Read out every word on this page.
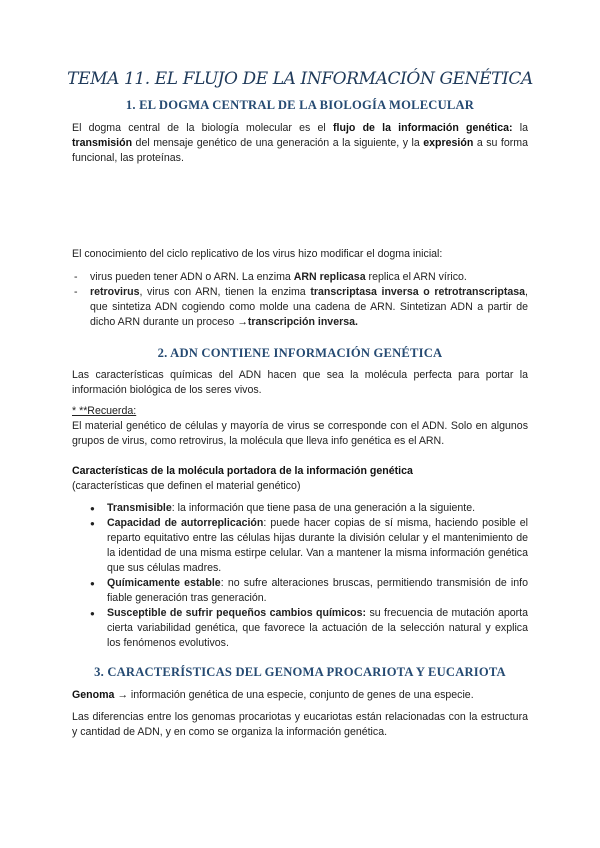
TEMA 11. EL FLUJO DE LA INFORMACIÓN GENÉTICA
1. EL DOGMA CENTRAL DE LA BIOLOGÍA MOLECULAR

El dogma central de la biología molecular es el flujo de la información genética: la transmisión del mensaje genético de una generación a la siguiente, y la expresión a su forma funcional, las proteínas.

El conocimiento del ciclo replicativo de los virus hizo modificar el dogma inicial:

- virus pueden tener ADN o ARN. La enzima ARN replicasa replica el ARN vírico.
- retrovirus, virus con ARN, tienen la enzima transcriptasa inversa o retrotranscriptasa, que sintetiza ADN cogiendo como molde una cadena de ARN. Sintetizan ADN a partir de dicho ARN durante un proceso →transcripción inversa.
2. ADN CONTIENE INFORMACIÓN GENÉTICA

Las características químicas del ADN hacen que sea la molécula perfecta para portar la información biológica de los seres vivos.

* **Recuerda:

El material genético de células y mayoría de virus se corresponde con el ADN. Solo en algunos grupos de virus, como retrovirus, la molécula que lleva info genética es el ARN.

Características de la molécula portadora de la información genética

(características que definen el material genético)

● Transmisible: la información que tiene pasa de una generación a la siguiente.
● Capacidad de autorreplicación: puede hacer copias de sí misma, haciendo posible el reparto equitativo entre las células hijas durante la división celular y el mantenimiento de la identidad de una misma estirpe celular. Van a mantener la misma información genética que sus células madres.
● Químicamente estable: no sufre alteraciones bruscas, permitiendo transmisión de info fiable generación tras generación.
● Susceptible de sufrir pequeños cambios químicos: su frecuencia de mutación aporta cierta variabilidad genética, que favorece la actuación de la selección natural y explica los fenómenos evolutivos.
3. CARACTERÍSTICAS DEL GENOMA PROCARIOTA Y EUCARIOTA

Genoma → información genética de una especie, conjunto de genes de una especie.

Las diferencias entre los genomas procariotas y eucariotas están relacionadas con la estructura y cantidad de ADN, y en como se organiza la información genética.
